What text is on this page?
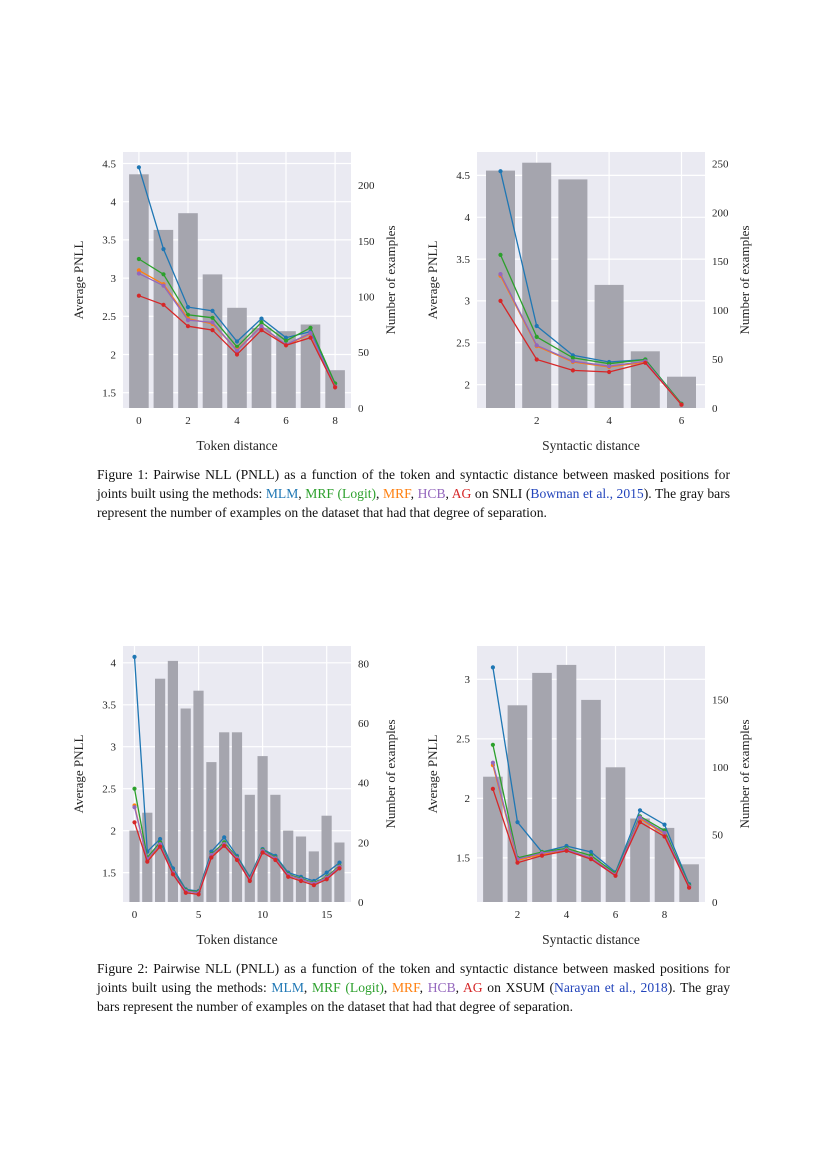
1.5
2
2.5
3
3.5
4
4.5
0
50
100
150
200
0	2	4	6	8
Average PNLL	Number of examples
Token distance
2
2.5
3
3.5
4
4.5
0
50
100
150
200
250
2	4	6
Average PNLL	Number of examples
Syntactic distance
Figure 1: Pairwise NLL (PNLL) as a function of the token and syntactic distance between masked positions for joints built using the methods: MLM, MRF (Logit), MRF, HCB, AG on SNLI (Bowman et al., 2015). The gray bars represent the number of examples on the dataset that had that degree of separation.
1.5
2
2.5
3
3.5
4
0
20
40
60
80
0	5	10	15
Average PNLL	Number of examples
Token distance
1.5
2
2.5
3
0
50
100
150
2	4	6	8
Average PNLL	Number of examples
Syntactic distance
Figure 2: Pairwise NLL (PNLL) as a function of the token and syntactic distance between masked positions for joints built using the methods: MLM, MRF (Logit), MRF, HCB, AG on XSUM (Narayan et al., 2018). The gray bars represent the number of examples on the dataset that had that degree of separation.
